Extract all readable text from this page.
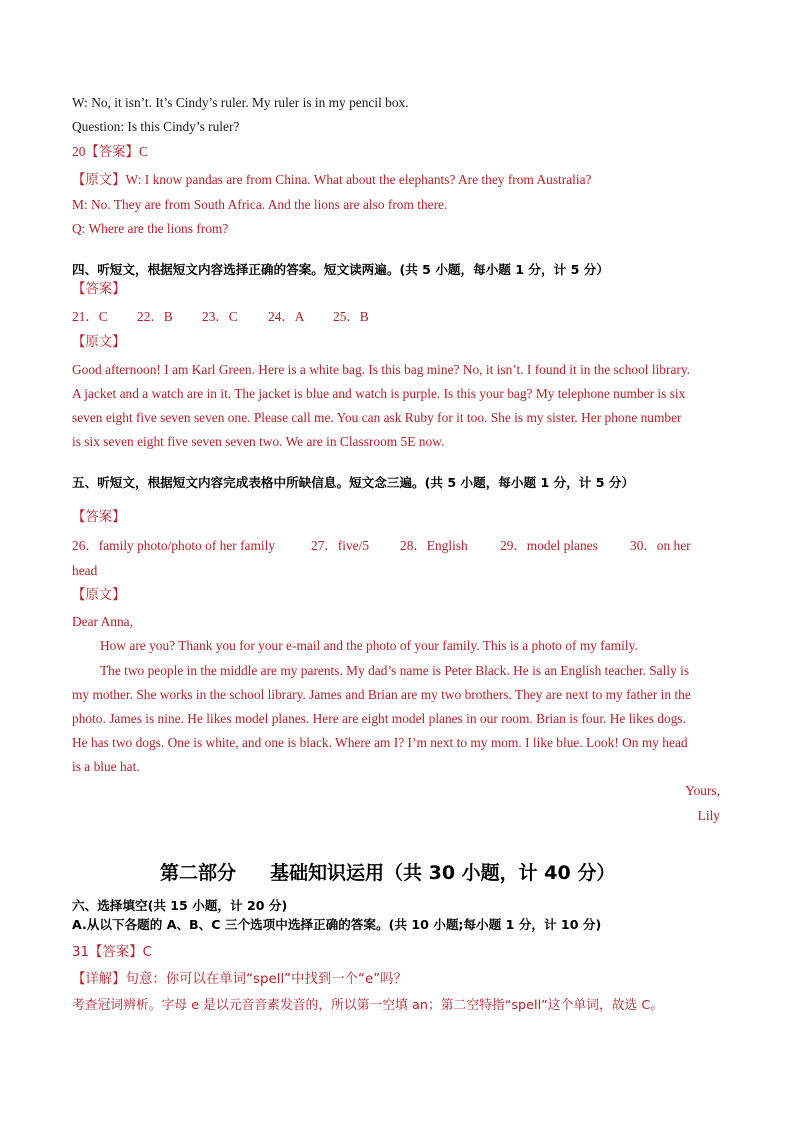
W: No, it isn’t. It’s Cindy’s ruler. My ruler is in my pencil box.
Question: Is this Cindy’s ruler?
20【答案】C
【原文】W: I know pandas are from China. What about the elephants? Are they from Australia?
M: No. They are from South Africa. And the lions are also from there.
Q: Where are the lions from?
四、听短文，根据短文内容选择正确的答案。短文读两遍。(共 5 小题，每小题 1 分，计 5 分）
【答案】
21．C 22．B 23．C 24．A 25．B
【原文】
Good afternoon! I am Karl Green. Here is a white bag. Is this bag mine? No, it isn’t. I found it in the school library.
A jacket and a watch are in it. The jacket is blue and watch is purple. Is this your bag? My telephone number is six
seven eight five seven seven one. Please call me. You can ask Ruby for it too. She is my sister. Her phone number
is six seven eight five seven seven two. We are in Classroom 5E now.
五、听短文，根据短文内容完成表格中所缺信息。短文念三遍。(共 5 小题，每小题 1 分，计 5 分）
【答案】
26．family photo/photo of her family	27．five/5 28．English 29．model planes 30．on her
head
【原文】
Dear Anna,
How are you? Thank you for your e-mail and the photo of your family. This is a photo of my family.
The two people in the middle are my parents. My dad’s name is Peter Black. He is an English teacher. Sally is
my mother. She works in the school library. James and Brian are my two brothers. They are next to my father in the
photo. James is nine. He likes model planes. Here are eight model planes in our room. Brian is four. He likes dogs.
He has two dogs. One is white, and one is black. Where am I? I’m next to my mom. I like blue. Look! On my head
is a blue hat.
Yours,
Lily
第二部分 基础知识运用（共 30 小题，计 40 分）
六、选择填空(共 15 小题，计 20 分)
A.从以下各题的 A、B、C 三个选项中选择正确的答案。(共 10 小题;每小题 1 分，计 10 分)
31【答案】C
【详解】句意：你可以在单词“spell”中找到一个“e”吗？
考查冠词辨析。字母 e 是以元音音素发音的，所以第一空填 an；第二空特指“spell”这个单词，故选 C。
